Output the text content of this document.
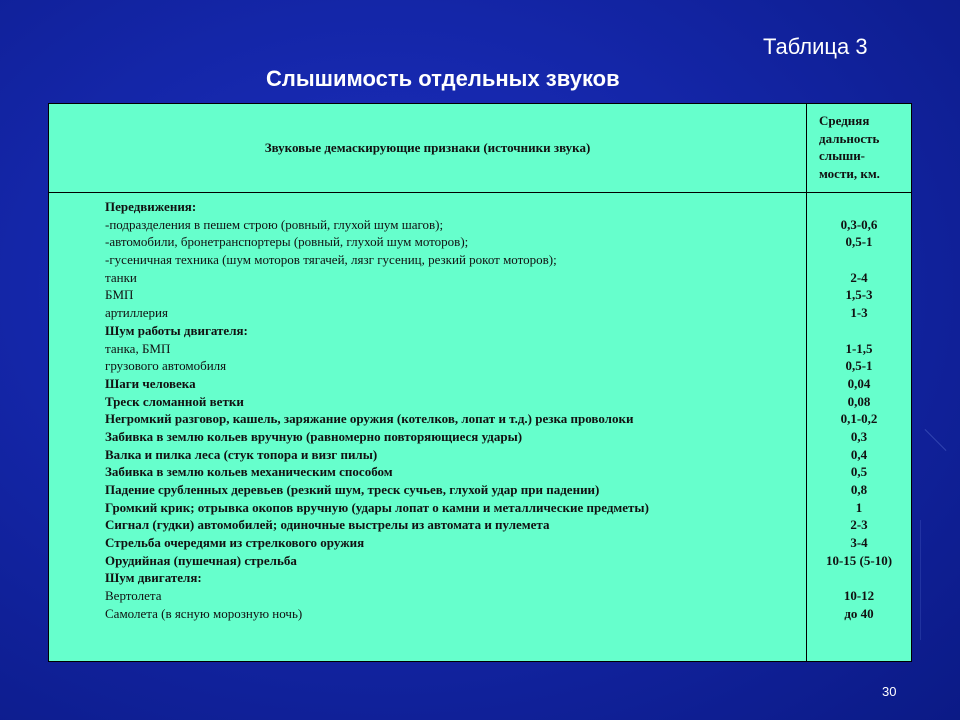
Таблица 3
Слышимость отдельных звуков
Звуковые демаскирующие признаки (источники звука)
Средняя
дальность
слыши-
мости, км.
Передвижения:
-подразделения в пешем строю (ровный, глухой шум шагов);
-автомобили, бронетранспортеры (ровный, глухой шум моторов);
-гусеничная техника (шум моторов тягачей, лязг гусениц, резкий рокот моторов);
танки
БМП
артиллерия
Шум работы двигателя:
танка, БМП
грузового автомобиля
Шаги человека
Треск сломанной ветки
Негромкий разговор, кашель, заряжание оружия (котелков, лопат и т.д.) резка проволоки
Забивка в землю кольев вручную (равномерно повторяющиеся удары)
Валка и пилка леса (стук топора и визг пилы)
Забивка в землю кольев механическим способом
Падение срубленных деревьев (резкий шум, треск сучьев, глухой удар при падении)
Громкий крик; отрывка окопов вручную (удары лопат о камни и металлические предметы)
Сигнал (гудки) автомобилей; одиночные выстрелы из автомата и пулемета
Стрельба очередями из стрелкового оружия
Орудийная (пушечная) стрельба
Шум двигателя:
Вертолета
Самолета (в ясную морозную ночь)
0,3-0,6
0,5-1
2-4
1,5-3
1-3
1-1,5
0,5-1
0,04
0,08
0,1-0,2
0,3
0,4
0,5
0,8
1
2-3
3-4
10-15 (5-10)
10-12
до 40
30
